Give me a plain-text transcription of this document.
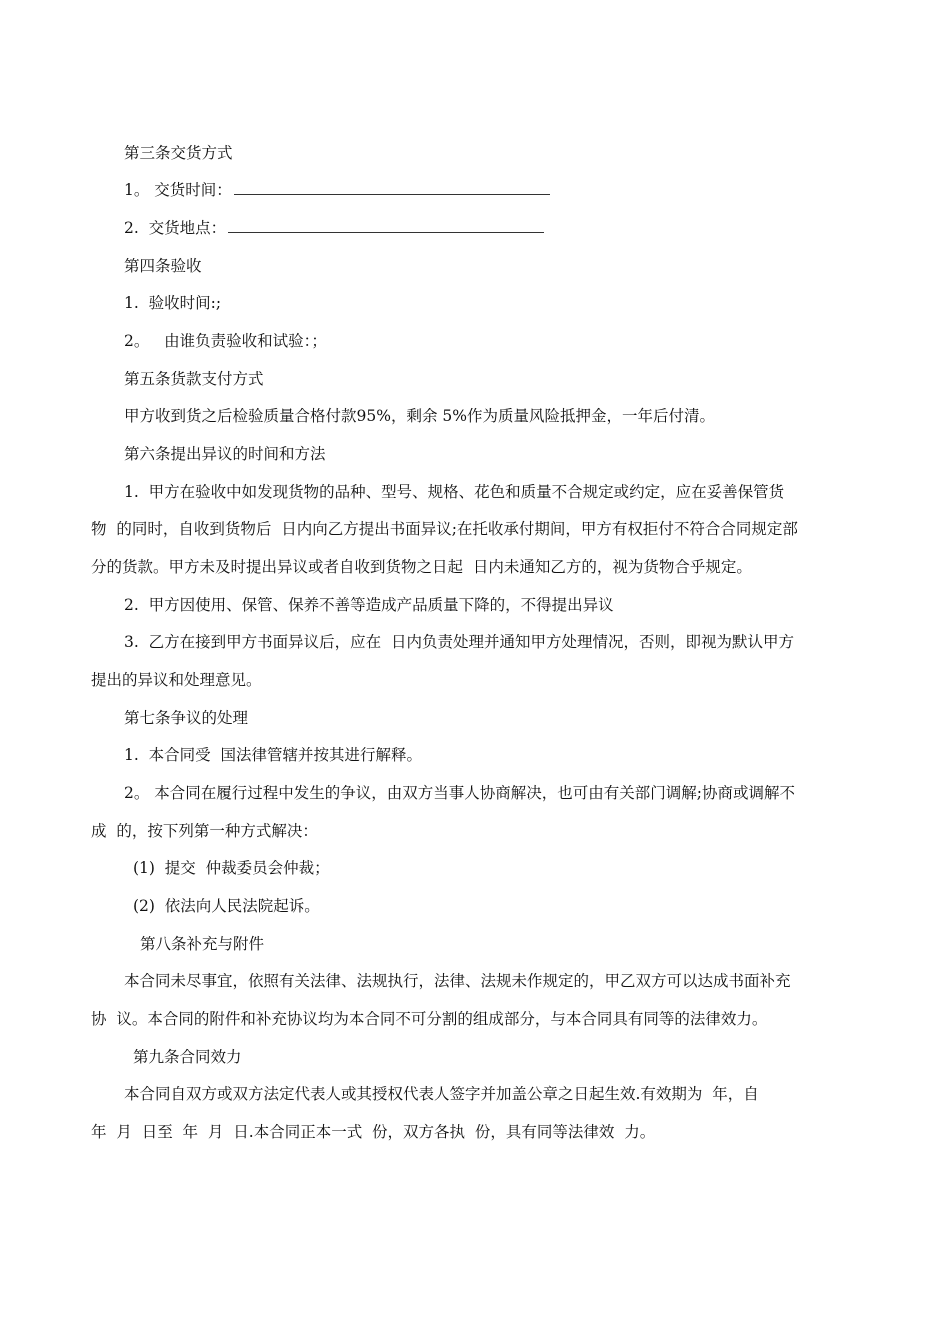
第三条交货方式
1。 交货时间：
2.  交货地点：
第四条验收
1.  验收时间:;
2。   由谁负责验收和试验：；
第五条货款支付方式
甲方收到货之后检验质量合格付款95%，剩余 5%作为质量风险抵押金，一年后付清。
第六条提出异议的时间和方法
1.  甲方在验收中如发现货物的品种、型号、规格、花色和质量不合规定或约定，应在妥善保管货
物  的同时，自收到货物后  日内向乙方提出书面异议;在托收承付期间，甲方有权拒付不符合合同规定部
分的货款。甲方未及时提出异议或者自收到货物之日起  日内未通知乙方的，视为货物合乎规定。
2.  甲方因使用、保管、保养不善等造成产品质量下降的，不得提出异议
3.  乙方在接到甲方书面异议后，应在  日内负责处理并通知甲方处理情况，否则，即视为默认甲方
提出的异议和处理意见。
第七条争议的处理
1.  本合同受  国法律管辖并按其进行解释。
2。 本合同在履行过程中发生的争议，由双方当事人协商解决，也可由有关部门调解;协商或调解不
成  的，按下列第一种方式解决：
(1)  提交  仲裁委员会仲裁；
(2)  依法向人民法院起诉。
第八条补充与附件
本合同未尽事宜，依照有关法律、法规执行，法律、法规未作规定的，甲乙双方可以达成书面补充
协  议。本合同的附件和补充协议均为本合同不可分割的组成部分，与本合同具有同等的法律效力。
第九条合同效力
本合同自双方或双方法定代表人或其授权代表人签字并加盖公章之日起生效.有效期为  年，自
年  月  日至  年  月  日.本合同正本一式  份，双方各执  份，具有同等法律效  力。
